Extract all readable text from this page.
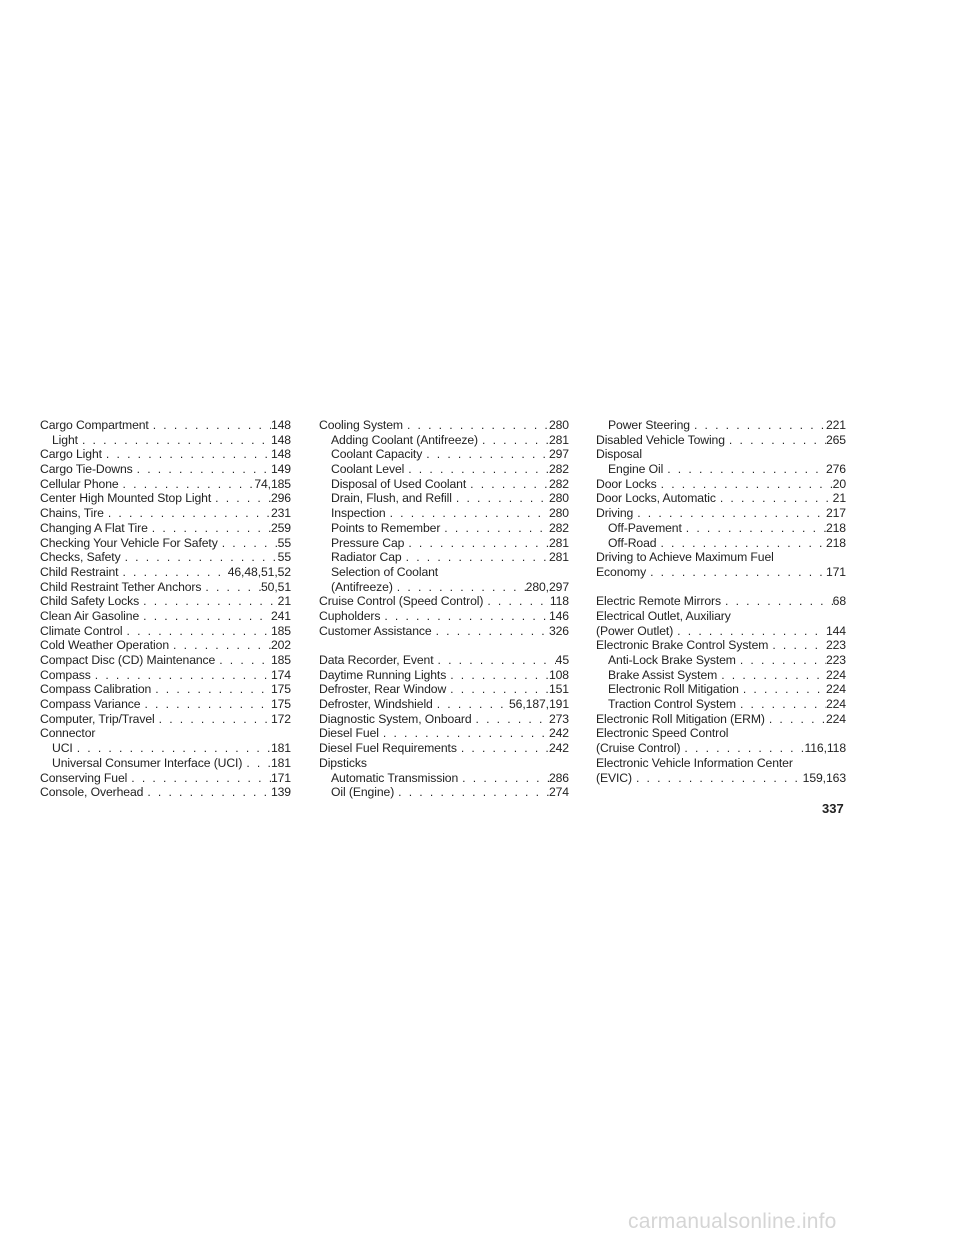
Cargo Compartment . . .	148
Light . . .	148
Cargo Light . . .	148
Cargo Tie-Downs . . .	149
Cellular Phone . . .	74,185
Center High Mounted Stop Light . . .	296
Chains, Tire . . .	231
Changing A Flat Tire . . .	259
Checking Your Vehicle For Safety . . .	55
Checks, Safety . . .	55
Child Restraint . . .	46,48,51,52
Child Restraint Tether Anchors . . .	50,51
Child Safety Locks . . .	21
Clean Air Gasoline . . .	241
Climate Control . . .	185
Cold Weather Operation . . .	202
Compact Disc (CD) Maintenance . . .	185
Compass . . .	174
Compass Calibration . . .	175
Compass Variance . . .	175
Computer, Trip/Travel . . .	172
Connector
UCI . . .	181
Universal Consumer Interface (UCI) . . . 181
Conserving Fuel . . .	171
Console, Overhead . . .	139
Cooling System . . .	280
Adding Coolant (Antifreeze) . . .	281
Coolant Capacity . . .	297
Coolant Level . . .	282
Disposal of Used Coolant . . .	282
Drain, Flush, and Refill . . .	280
Inspection . . .	280
Points to Remember . . .	282
Pressure Cap . . .	281
Radiator Cap . . .	281
Selection of Coolant
(Antifreeze) . . .	280,297
Cruise Control (Speed Control) . . .	118
Cupholders . . .	146
Customer Assistance . . .	326
Data Recorder, Event . . .	45
Daytime Running Lights . . .	108
Defroster, Rear Window . . .	151
Defroster, Windshield . . .	56,187,191
Diagnostic System, Onboard . . .	273
Diesel Fuel . . .	242
Diesel Fuel Requirements . . .	242
Dipsticks
Automatic Transmission . . .	286
Oil (Engine) . . .	274
Power Steering . . .	221
Disabled Vehicle Towing . . .	265
Disposal
Engine Oil . . .	276
Door Locks . . .	20
Door Locks, Automatic . . .	21
Driving . . .	217
Off-Pavement . . .	218
Off-Road . . .	218
Driving to Achieve Maximum Fuel
Economy . . .	171
Electric Remote Mirrors . . .	68
Electrical Outlet, Auxiliary
(Power Outlet) . . .	144
Electronic Brake Control System . . .	223
Anti-Lock Brake System . . .	223
Brake Assist System . . .	224
Electronic Roll Mitigation . . .	224
Traction Control System . . .	224
Electronic Roll Mitigation (ERM) . . .	224
Electronic Speed Control
(Cruise Control) . . .	116,118
Electronic Vehicle Information Center
(EVIC) . . .	159,163
337
carmanualsonline.info
